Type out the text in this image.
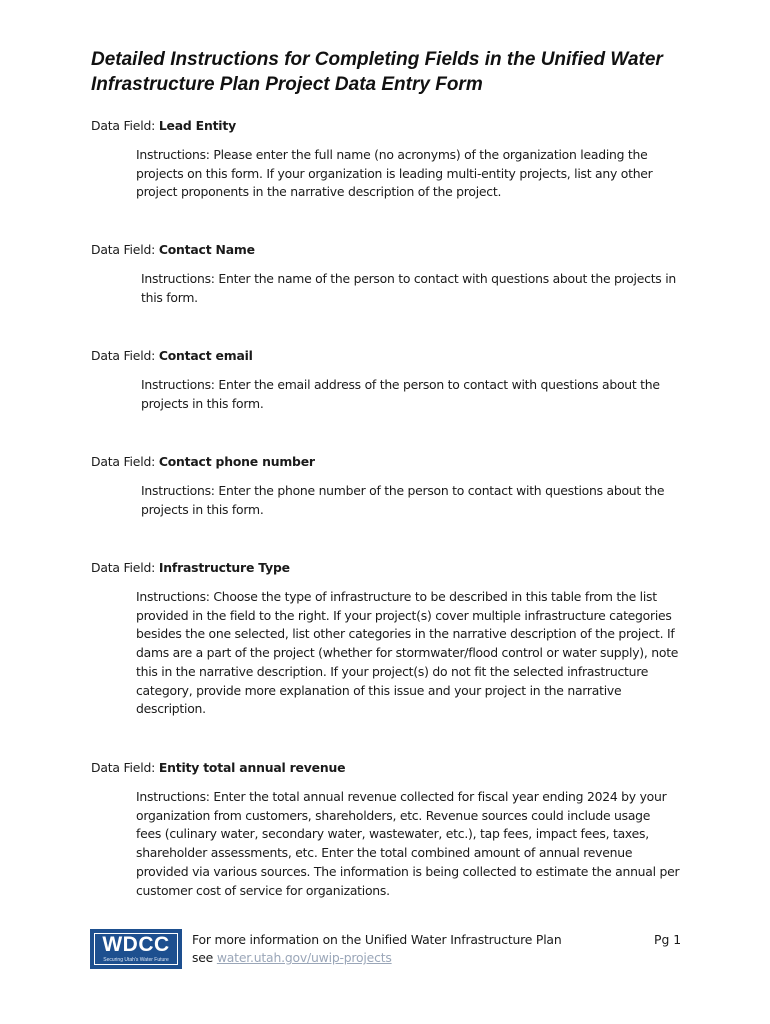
Detailed Instructions for Completing Fields in the Unified Water
Infrastructure Plan Project Data Entry Form
Data Field: Lead Entity
Instructions: Please enter the full name (no acronyms) of the organization leading the
projects on this form. If your organization is leading multi-entity projects, list any other
project proponents in the narrative description of the project.
Data Field: Contact Name
Instructions: Enter the name of the person to contact with questions about the projects in
this form.
Data Field: Contact email
Instructions: Enter the email address of the person to contact with questions about the
projects in this form.
Data Field: Contact phone number
Instructions: Enter the phone number of the person to contact with questions about the
projects in this form.
Data Field: Infrastructure Type
Instructions: Choose the type of infrastructure to be described in this table from the list
provided in the field to the right. If your project(s) cover multiple infrastructure categories
besides the one selected, list other categories in the narrative description of the project. If
dams are a part of the project (whether for stormwater/flood control or water supply), note
this in the narrative description. If your project(s) do not fit the selected infrastructure
category, provide more explanation of this issue and your project in the narrative
description.
Data Field: Entity total annual revenue
Instructions: Enter the total annual revenue collected for fiscal year ending 2024 by your
organization from customers, shareholders, etc. Revenue sources could include usage
fees (culinary water, secondary water, wastewater, etc.), tap fees, impact fees, taxes,
shareholder assessments, etc. Enter the total combined amount of annual revenue
provided via various sources. The information is being collected to estimate the annual per
customer cost of service for organizations.
WDCC
Securing Utah's Water Future
For more information on the Unified Water Infrastructure Plan
see water.utah.gov/uwip-projects
Pg 1
